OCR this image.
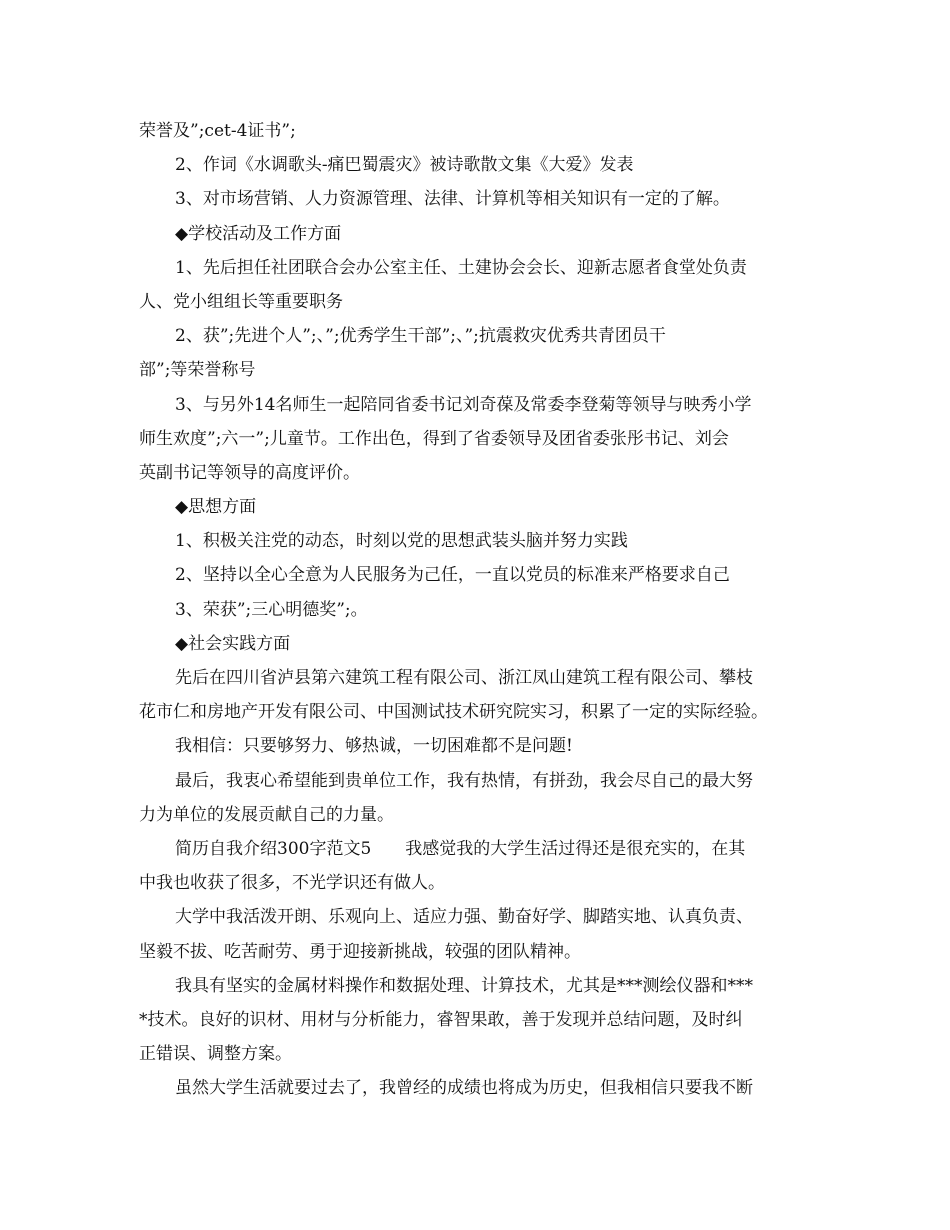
荣誉及”;cet-4证书”;
2、作词《水调歌头-痛巴蜀震灾》被诗歌散文集《大爱》发表
3、对市场营销、人力资源管理、法律、计算机等相关知识有一定的了解。
◆学校活动及工作方面
1、先后担任社团联合会办公室主任、土建协会会长、迎新志愿者食堂处负责
人、党小组组长等重要职务
2、获”;先进个人”;、”;优秀学生干部”;、”;抗震救灾优秀共青团员干
部”;等荣誉称号
3、与另外14名师生一起陪同省委书记刘奇葆及常委李登菊等领导与映秀小学
师生欢度”;六一”;儿童节。工作出色，得到了省委领导及团省委张彤书记、刘会
英副书记等领导的高度评价。
◆思想方面
1、积极关注党的动态，时刻以党的思想武装头脑并努力实践
2、坚持以全心全意为人民服务为己任，一直以党员的标准来严格要求自己
3、荣获”;三心明德奖”;。
◆社会实践方面
先后在四川省泸县第六建筑工程有限公司、浙江凤山建筑工程有限公司、攀枝
花市仁和房地产开发有限公司、中国测试技术研究院实习，积累了一定的实际经验。
我相信：只要够努力、够热诚，一切困难都不是问题!
最后，我衷心希望能到贵单位工作，我有热情，有拼劲，我会尽自己的最大努
力为单位的发展贡献自己的力量。
简历自我介绍300字范文5　　我感觉我的大学生活过得还是很充实的，在其
中我也收获了很多，不光学识还有做人。
大学中我活泼开朗、乐观向上、适应力强、勤奋好学、脚踏实地、认真负责、
坚毅不拔、吃苦耐劳、勇于迎接新挑战，较强的团队精神。
我具有坚实的金属材料操作和数据处理、计算技术，尤其是***测绘仪器和***
*技术。良好的识材、用材与分析能力，睿智果敢，善于发现并总结问题，及时纠
正错误、调整方案。
虽然大学生活就要过去了，我曾经的成绩也将成为历史，但我相信只要我不断
